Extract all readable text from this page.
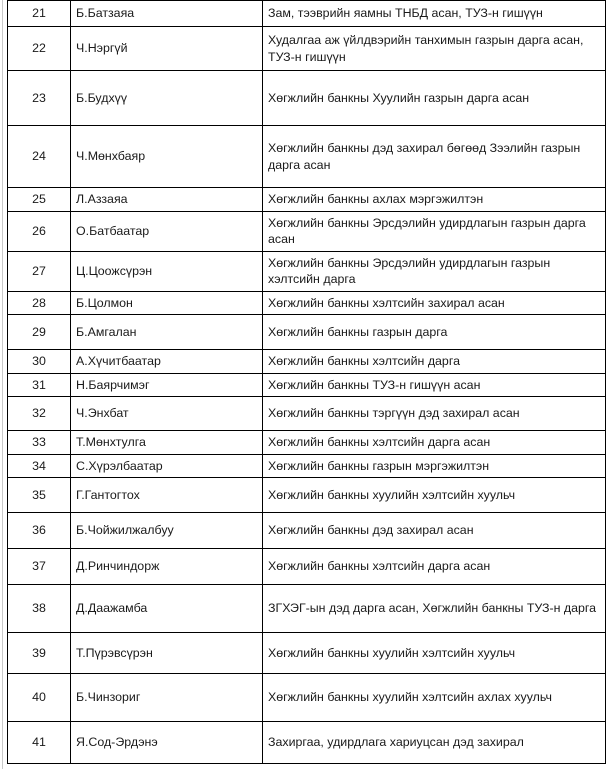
21	Б.Батзаяа	Зам, тээврийн яамны ТНБД асан, ТУЗ-н гишүүн
22	Ч.Нэргүй	Худалгаа аж үйлдвэрийн танхимын газрын дарга асан, ТУЗ-н гишүүн
23	Б.Будхүү	Хөгжлийн банкны Хуулийн газрын дарга асан
24	Ч.Мөнхбаяр	Хөгжлийн банкны дэд захирал бөгөөд Зээлийн газрын дарга асан
25	Л.Аззаяа	Хөгжлийн банкны ахлах мэргэжилтэн
26	О.Батбаатар	Хөгжлийн банкны Эрсдэлийн удирдлагын газрын дарга асан
27	Ц.Цоожсүрэн	Хөгжлийн банкны Эрсдэлийн удирдлагын газрын хэлтсийн дарга
28	Б.Цолмон	Хөгжлийн банкны хэлтсийн захирал асан
29	Б.Амгалан	Хөгжлийн банкны газрын дарга
30	А.Хүчитбаатар	Хөгжлийн банкны хэлтсийн дарга
31	Н.Баярчимэг	Хөгжлийн банкны ТУЗ-н гишүүн асан
32	Ч.Энхбат	Хөгжлийн банкны тэргүүн дэд захирал асан
33	Т.Мөнхтулга	Хөгжлийн банкны хэлтсийн дарга асан
34	С.Хүрэлбаатар	Хөгжлийн банкны газрын мэргэжилтэн
35	Г.Гантогтох	Хөгжлийн банкны хуулийн хэлтсийн хуульч
36	Б.Чойжилжалбуу	Хөгжлийн банкны дэд захирал асан
37	Д.Ринчиндорж	Хөгжлийн банкны хэлтсийн дарга асан
38	Д.Даажамба	ЗГХЭГ-ын дэд дарга асан, Хөгжлийн банкны ТУЗ-н дарга
39	Т.Пүрэвсүрэн	Хөгжлийн банкны хуулийн хэлтсийн хуульч
40	Б.Чинзориг	Хөгжлийн банкны хуулийн хэлтсийн ахлах хуульч
41	Я.Сод-Эрдэнэ	Захиргаа, удирдлага хариуцсан дэд захирал
